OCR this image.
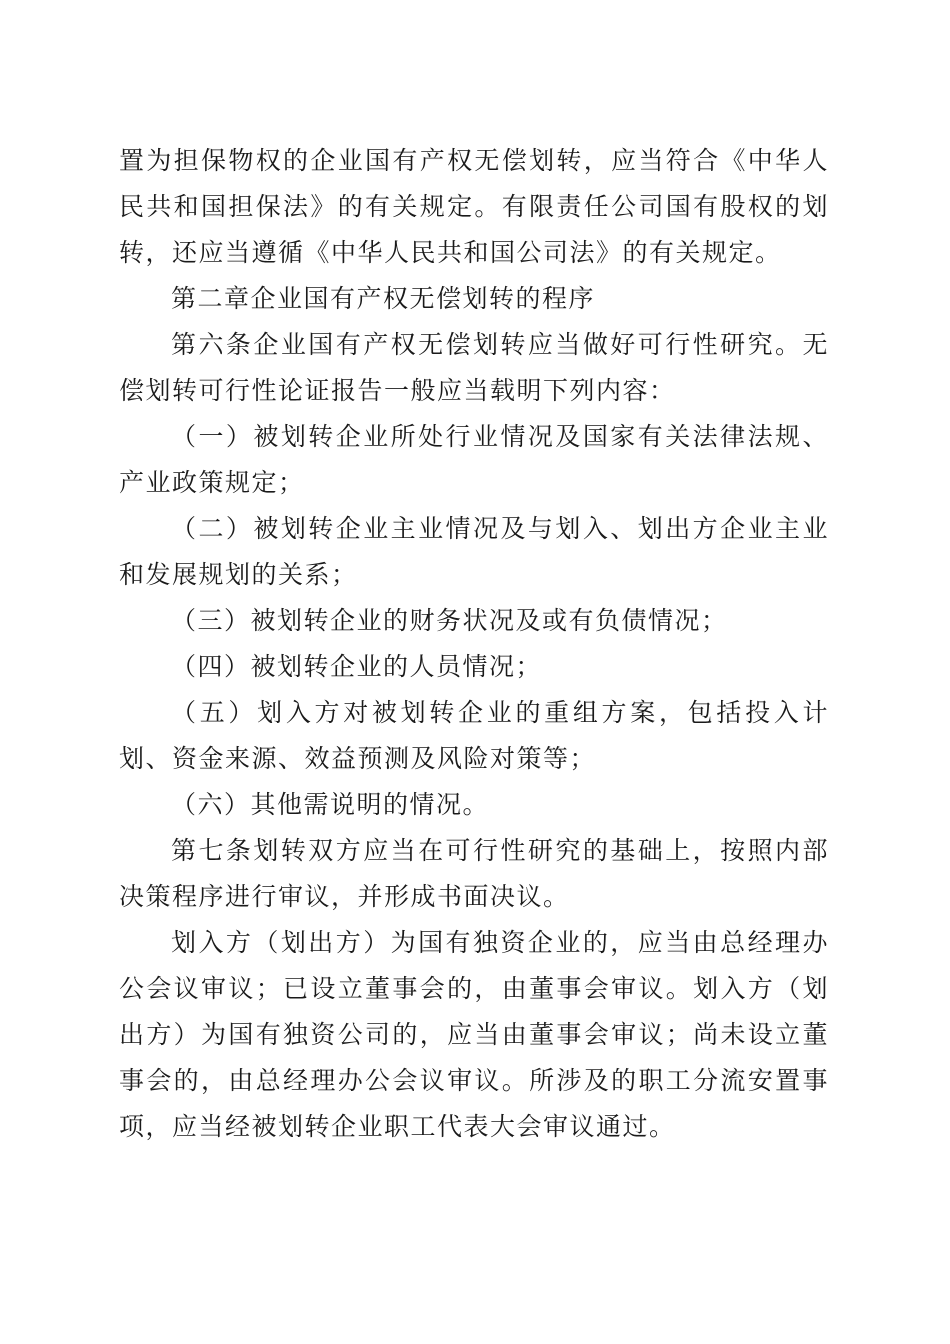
置为担保物权的企业国有产权无偿划转，应当符合《中华人民共和国担保法》的有关规定。有限责任公司国有股权的划转，还应当遵循《中华人民共和国公司法》的有关规定。

第二章企业国有产权无偿划转的程序

第六条企业国有产权无偿划转应当做好可行性研究。无偿划转可行性论证报告一般应当载明下列内容：

（一）被划转企业所处行业情况及国家有关法律法规、产业政策规定；

（二）被划转企业主业情况及与划入、划出方企业主业和发展规划的关系；

（三）被划转企业的财务状况及或有负债情况；

（四）被划转企业的人员情况；

（五）划入方对被划转企业的重组方案，包括投入计划、资金来源、效益预测及风险对策等；

（六）其他需说明的情况。

第七条划转双方应当在可行性研究的基础上，按照内部决策程序进行审议，并形成书面决议。

划入方（划出方）为国有独资企业的，应当由总经理办公会议审议；已设立董事会的，由董事会审议。划入方（划出方）为国有独资公司的，应当由董事会审议；尚未设立董事会的，由总经理办公会议审议。所涉及的职工分流安置事项，应当经被划转企业职工代表大会审议通过。
